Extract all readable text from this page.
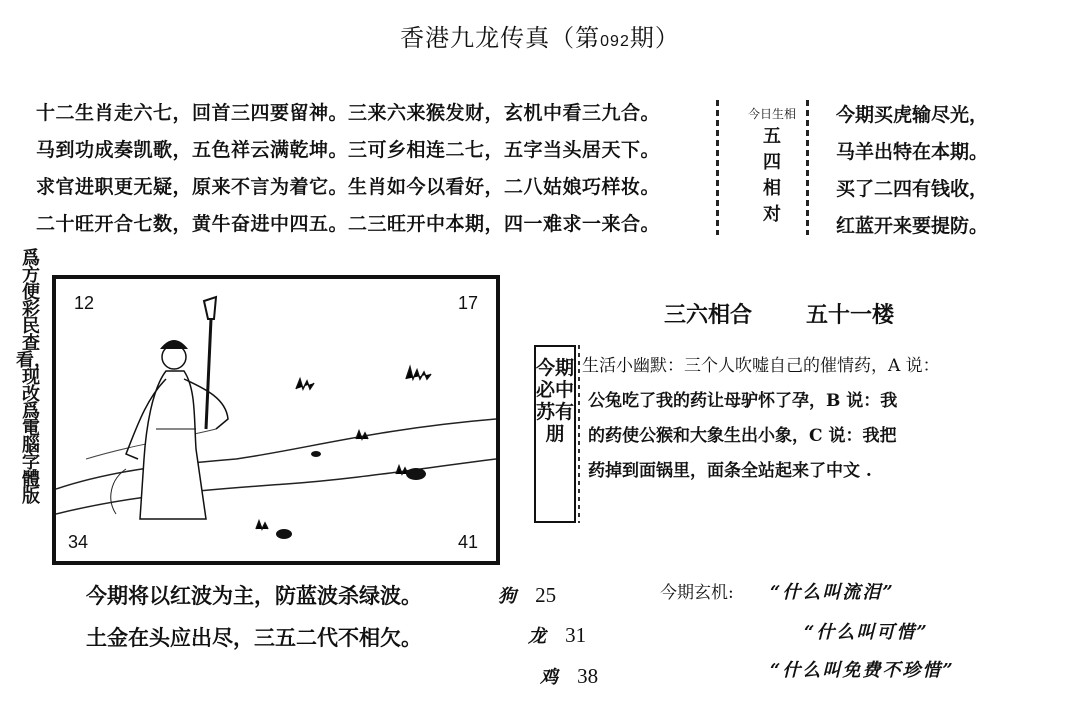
香港九龙传真（第092期）
十二生肖走六七，回首三四要留神。三来六来猴发财，玄机中看三九合。
马到功成奏凯歌，五色祥云满乾坤。三可乡相连二七，五字当头居天下。
求官进职更无疑，原来不言为着它。生肖如今以看好，二八姑娘巧样妆。
二十旺开合七数，黄牛奋进中四五。二三旺开中本期，四一难求一来合。
今日生相
五
四
相
对
今期买虎输尽光，
马羊出特在本期。
买了二四有钱收，
红蓝开来要提防。
爲方便彩民查看，现改爲電腦字體版
12	17
34	41
三六相合 五十一楼
今期必中苏有朋
生活小幽默：三个人吹嘘自己的催情药，A 说：
公兔吃了我的药让母驴怀了孕，B 说：我
的药使公猴和大象生出小象，C 说：我把
药掉到面锅里，面条全站起来了中文 .
今期将以红波为主，防蓝波杀绿波。
土金在头应出尽，三五二代不相欠。
狗 25
龙 31
鸡 38
今期玄机: “什么叫流泪”
“什么叫可惜”
“什么叫免费不珍惜”
